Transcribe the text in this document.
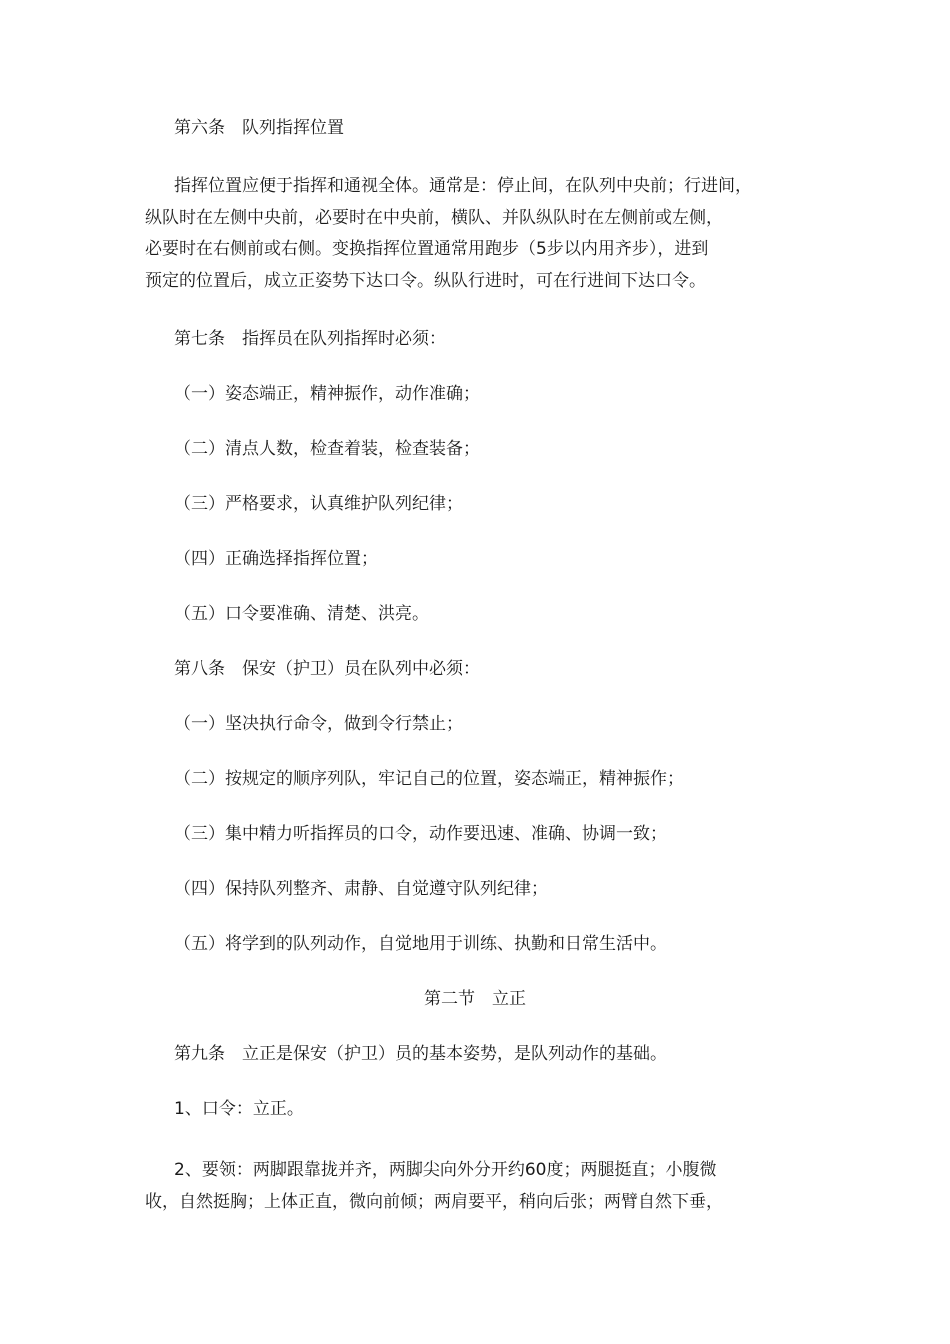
第六条　队列指挥位置

指挥位置应便于指挥和通视全体。通常是：停止间，在队列中央前；行进间，
纵队时在左侧中央前，必要时在中央前，横队、并队纵队时在左侧前或左侧，
必要时在右侧前或右侧。变换指挥位置通常用跑步（5步以内用齐步），进到
预定的位置后，成立正姿势下达口令。纵队行进时，可在行进间下达口令。

第七条　指挥员在队列指挥时必须：

（一）姿态端正，精神振作，动作准确；

（二）清点人数，检查着装，检查装备；

（三）严格要求，认真维护队列纪律；

（四）正确选择指挥位置；

（五）口令要准确、清楚、洪亮。

第八条　保安（护卫）员在队列中必须：

（一）坚决执行命令，做到令行禁止；

（二）按规定的顺序列队，牢记自己的位置，姿态端正，精神振作；

（三）集中精力听指挥员的口令，动作要迅速、准确、协调一致；

（四）保持队列整齐、肃静、自觉遵守队列纪律；

（五）将学到的队列动作，自觉地用于训练、执勤和日常生活中。

第二节　立正

第九条　立正是保安（护卫）员的基本姿势，是队列动作的基础。

1、口令：立正。

2、要领：两脚跟靠拢并齐，两脚尖向外分开约60度；两腿挺直；小腹微
收，自然挺胸；上体正直，微向前倾；两肩要平，稍向后张；两臂自然下垂，
